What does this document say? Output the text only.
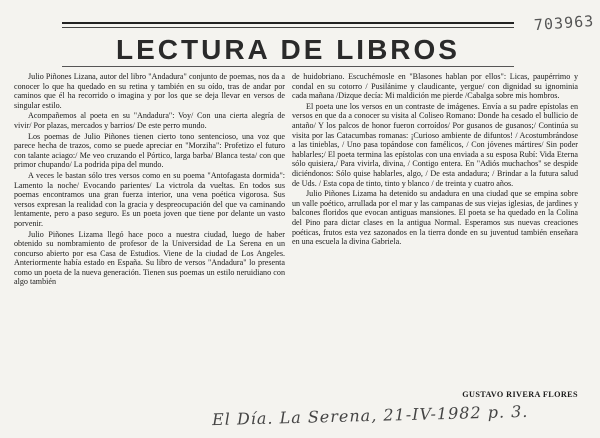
703963
LECTURA DE LIBROS

Julio Piñones Lizana, autor del libro "Andadura" conjunto de poemas, nos da a conocer lo que ha quedado en su retina y también en su oído, tras de andar por caminos que él ha recorrido o imagina y por los que se deja llevar en versos de singular estilo.

Acompañemos al poeta en su "Andadura": Voy/ Con una cierta alegría de vivir/ Por plazas, mercados y barrios/ De este perro mundo.

Los poemas de Julio Piñones tienen cierto tono sentencioso, una voz que parece hecha de trazos, como se puede apreciar en "Morziha": Profetizo el futuro con talante aciago:/ Me veo cruzando el Pórtico, larga barba/ Blanca testa/ con que primor chupando/ La podrida pipa del mundo.

A veces le bastan sólo tres versos como en su poema "Antofagasta dormida": Lamento la noche/ Evocando parientes/ La victrola da vueltas. En todos sus poemas encontramos una gran fuerza interior, una vena poética vigorosa. Sus versos expresan la realidad con la gracia y despreocupación del que va caminando lentamente, pero a paso seguro. Es un poeta joven que tiene por delante un vasto porvenir.

Julio Piñones Lizama llegó hace poco a nuestra ciudad, luego de haber obtenido su nombramiento de profesor de la Universidad de La Serena en un concurso abierto por esa Casa de Estudios. Viene de la ciudad de Los Angeles. Anteriormente había estado en España. Su libro de versos "Andadura" lo presenta como un poeta de la nueva generación. Tienen sus poemas un estilo neruidiano con algo también

de huidobriano. Escuchémosle en "Blasones hablan por ellos": Licas, paupérrimo y condal en su cotorro / Pusilánime y claudicante, yergue/ con dignidad su ignominia cada mañana /Dizque decía: Mi maldición me pierde /Cabalga sobre mis hombros.

El poeta une los versos en un contraste de imágenes. Envía a su padre epístolas en versos en que da a conocer su visita al Coliseo Romano: Donde ha cesado el bullicio de antaño/ Y los palcos de honor fueron corroídos/ Por gusanos de gusanos;/ Continúa su visita por las Catacumbas romanas: ¡Curioso ambiente de difuntos! / Acostumbrándose a las tinieblas, / Uno pasa topándose con famélicos, / Con jóvenes mártires/ Sin poder hablarles;/ El poeta termina las epístolas con una enviada a su esposa Rubí: Vida Eterna sólo quisiera,/ Para vivirla, divina, / Contigo entera. En "Adiós muchachos" se despide diciéndonos: Sólo quise hablarles, algo, / De esta andadura; / Brindar a la futura salud de Uds. / Esta copa de tinto, tinto y blanco / de treinta y cuatro años.

Julio Piñones Lizama ha detenido su andadura en una ciudad que se empina sobre un valle poético, arrullada por el mar y las campanas de sus viejas iglesias, de jardines y balcones floridos que evocan antiguas mansiones. El poeta se ha quedado en la Colina del Pino para dictar clases en la antigua Normal. Esperamos sus nuevas creaciones poéticas, frutos esta vez sazonados en la tierra donde en su juventud también enseñara en una escuela la divina Gabriela.

GUSTAVO RIVERA FLORES
El Día. La Serena, 21-IV-1982 p. 3.
